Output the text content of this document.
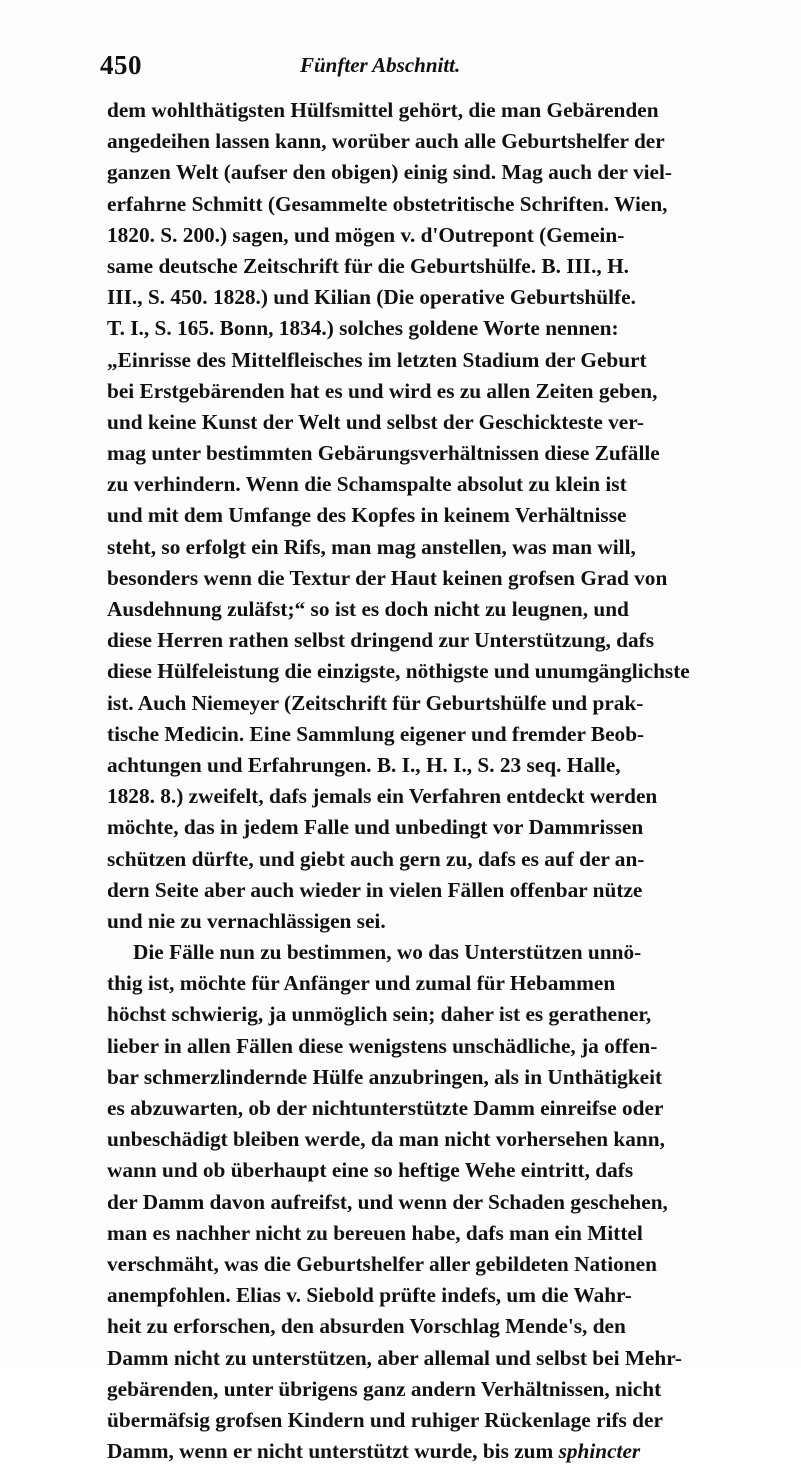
450	Fünfter Abschnitt.
dem wohlthätigsten Hülfsmittel gehört, die man Gebärenden
angedeihen lassen kann, worüber auch alle Geburtshelfer der
ganzen Welt (aufser den obigen) einig sind. Mag auch der viel-
erfahrne Schmitt (Gesammelte obstetritische Schriften. Wien,
1820. S. 200.) sagen, und mögen v. d'Outrepont (Gemein-
same deutsche Zeitschrift für die Geburtshülfe. B. III., H.
III., S. 450. 1828.) und Kilian (Die operative Geburtshülfe.
T. I., S. 165. Bonn, 1834.) solches goldene Worte nennen:
„Einrisse des Mittelfleisches im letzten Stadium der Geburt
bei Erstgebärenden hat es und wird es zu allen Zeiten geben,
und keine Kunst der Welt und selbst der Geschickteste ver-
mag unter bestimmten Gebärungsverhältnissen diese Zufälle
zu verhindern. Wenn die Schamspalte absolut zu klein ist
und mit dem Umfange des Kopfes in keinem Verhältnisse
steht, so erfolgt ein Rifs, man mag anstellen, was man will,
besonders wenn die Textur der Haut keinen grofsen Grad von
Ausdehnung zuläfst;“ so ist es doch nicht zu leugnen, und
diese Herren rathen selbst dringend zur Unterstützung, dafs
diese Hülfeleistung die einzigste, nöthigste und unumgänglichste
ist. Auch Niemeyer (Zeitschrift für Geburtshülfe und prak-
tische Medicin. Eine Sammlung eigener und fremder Beob-
achtungen und Erfahrungen. B. I., H. I., S. 23 seq. Halle,
1828. 8.) zweifelt, dafs jemals ein Verfahren entdeckt werden
möchte, das in jedem Falle und unbedingt vor Dammrissen
schützen dürfte, und giebt auch gern zu, dafs es auf der an-
dern Seite aber auch wieder in vielen Fällen offenbar nütze
und nie zu vernachlässigen sei.
Die Fälle nun zu bestimmen, wo das Unterstützen unnö-
thig ist, möchte für Anfänger und zumal für Hebammen
höchst schwierig, ja unmöglich sein; daher ist es gerathener,
lieber in allen Fällen diese wenigstens unschädliche, ja offen-
bar schmerzlindernde Hülfe anzubringen, als in Unthätigkeit
es abzuwarten, ob der nichtunterstützte Damm einreifse oder
unbeschädigt bleiben werde, da man nicht vorhersehen kann,
wann und ob überhaupt eine so heftige Wehe eintritt, dafs
der Damm davon aufreifst, und wenn der Schaden geschehen,
man es nachher nicht zu bereuen habe, dafs man ein Mittel
verschmäht, was die Geburtshelfer aller gebildeten Nationen
anempfohlen. Elias v. Siebold prüfte indefs, um die Wahr-
heit zu erforschen, den absurden Vorschlag Mende's, den
Damm nicht zu unterstützen, aber allemal und selbst bei Mehr-
gebärenden, unter übrigens ganz andern Verhältnissen, nicht
übermäfsig grofsen Kindern und ruhiger Rückenlage rifs der
Damm, wenn er nicht unterstützt wurde, bis zum sphincter
